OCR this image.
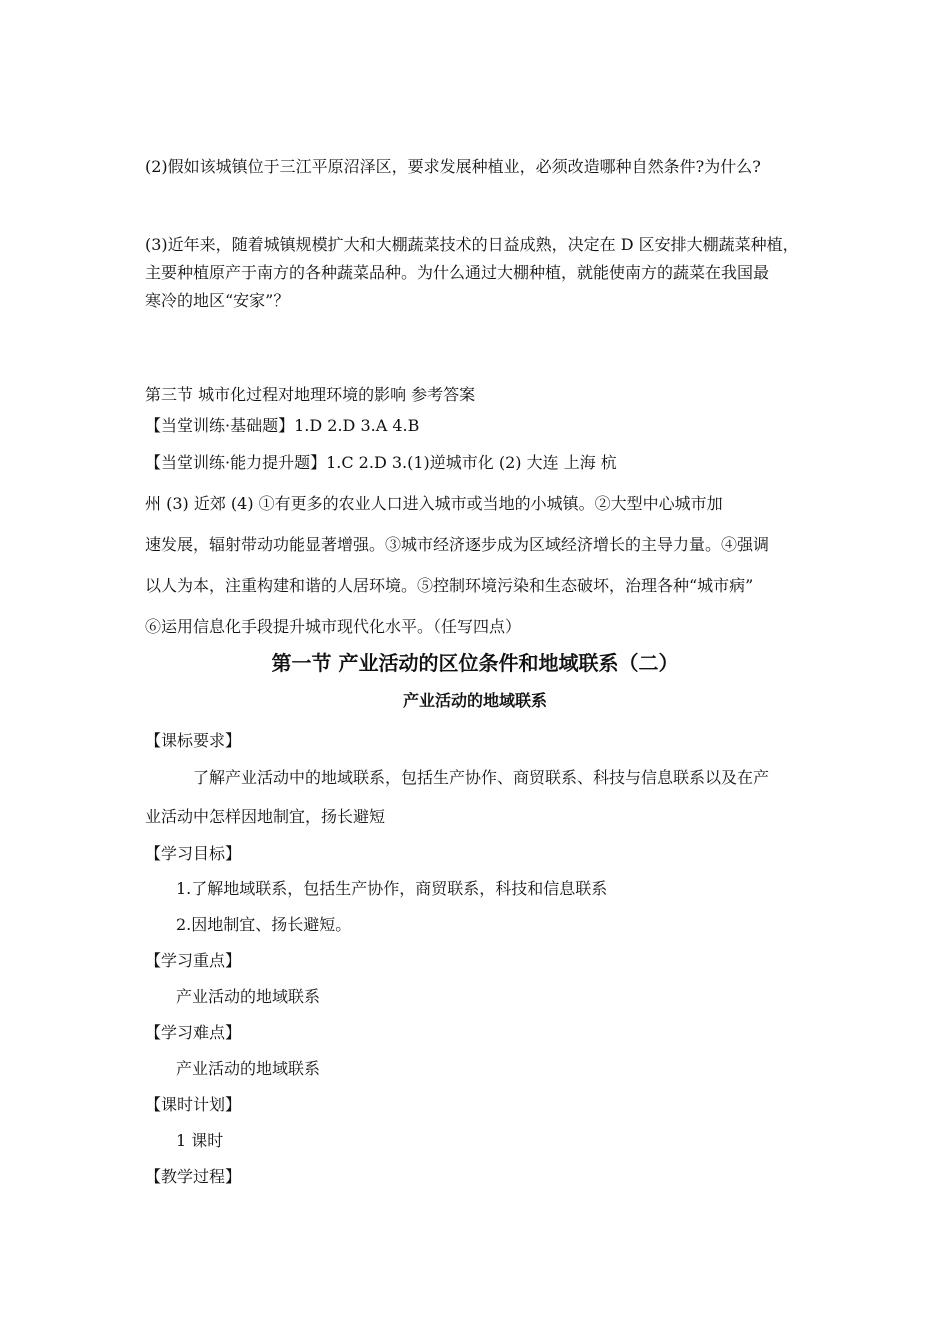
(2)假如该城镇位于三江平原沼泽区，要求发展种植业，必须改造哪种自然条件?为什么?
(3)近年来，随着城镇规模扩大和大棚蔬菜技术的日益成熟，决定在 D 区安排大棚蔬菜种植，
主要种植原产于南方的各种蔬菜品种。为什么通过大棚种植，就能使南方的蔬菜在我国最
寒冷的地区“安家”？
第三节 城市化过程对地理环境的影响 参考答案
【当堂训练·基础题】1.D 2.D 3.A 4.B
【当堂训练·能力提升题】1.C 2.D 3.(1)逆城市化 (2) 大连 上海 杭
州 (3) 近郊 (4) ①有更多的农业人口进入城市或当地的小城镇。②大型中心城市加
速发展，辐射带动功能显著增强。③城市经济逐步成为区域经济增长的主导力量。④强调
以人为本，注重构建和谐的人居环境。⑤控制环境污染和生态破坏，治理各种“城市病”
⑥运用信息化手段提升城市现代化水平。（任写四点）
第一节 产业活动的区位条件和地域联系（二）
产业活动的地域联系
【课标要求】
了解产业活动中的地域联系，包括生产协作、商贸联系、科技与信息联系以及在产
业活动中怎样因地制宜，扬长避短
【学习目标】
1.了解地域联系，包括生产协作，商贸联系，科技和信息联系
2.因地制宜、扬长避短。
【学习重点】
产业活动的地域联系
【学习难点】
产业活动的地域联系
【课时计划】
1 课时
【教学过程】
